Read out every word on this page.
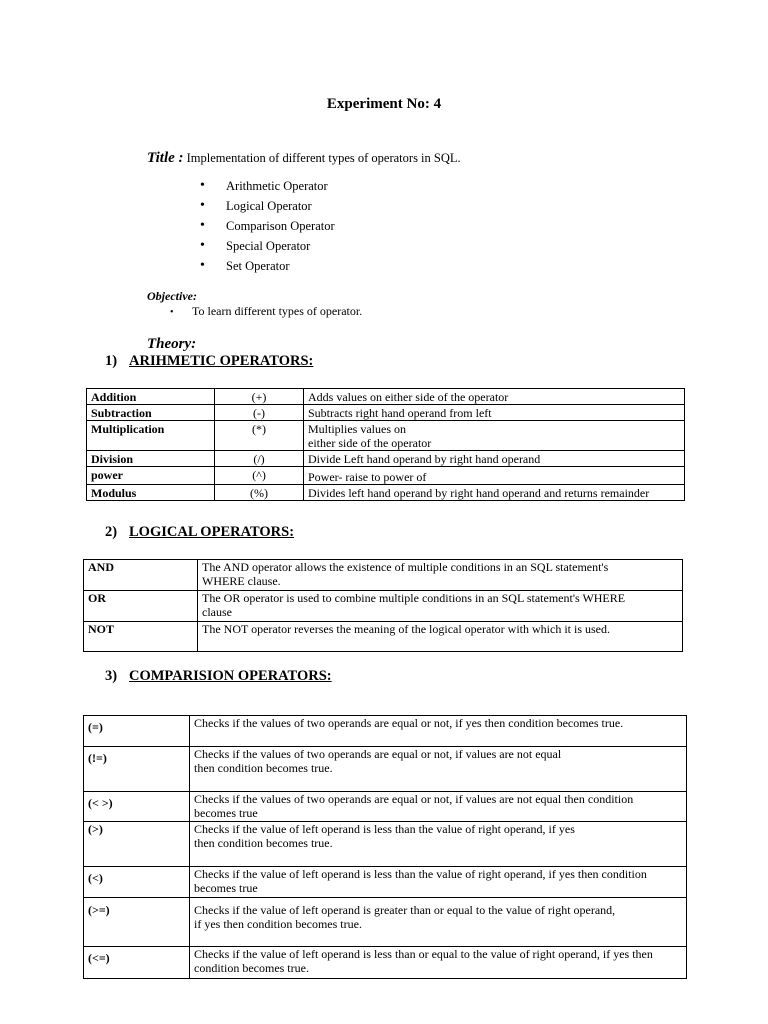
Experiment No: 4
Title : Implementation of different types of operators in SQL.
• Arithmetic Operator
• Logical Operator
• Comparison Operator
• Special Operator
• Set Operator
Objective:
• To learn different types of operator.
Theory:
1) ARIHMETIC OPERATORS:
Addition	(+)	Adds values on either side of the operator
Subtraction	(-)	Subtracts right hand operand from left
Multiplication	(*)	Multiplies values on
either side of the operator

Division	(/)	Divide Left hand operand by right hand operand
power	(^)	Power- raise to power of
Modulus	(%)	Divides left hand operand by right hand operand and returns remainder
2) LOGICAL OPERATORS:
AND	The AND operator allows the existence of multiple conditions in an SQL statement's
WHERE clause.

OR	The OR operator is used to combine multiple conditions in an SQL statement's WHERE
clause

NOT	The NOT operator reverses the meaning of the logical operator with which it is used.
3) COMPARISION OPERATORS:
(=)	Checks if the values of two operands are equal or not, if yes then condition becomes true.
(!=)	Checks if the values of two operands are equal or not, if values are not equal
then condition becomes true.

(< >)	Checks if the values of two operands are equal or not, if values are not equal then condition
becomes true

(>)	Checks if the value of left operand is less than the value of right operand, if yes
then condition becomes true.

(<)	Checks if the value of left operand is less than the value of right operand, if yes then condition
becomes true

(>=)	Checks if the value of left operand is greater than or equal to the value of right operand,
if yes then condition becomes true.

(<=)	Checks if the value of left operand is less than or equal to the value of right operand, if yes then
condition becomes true.
